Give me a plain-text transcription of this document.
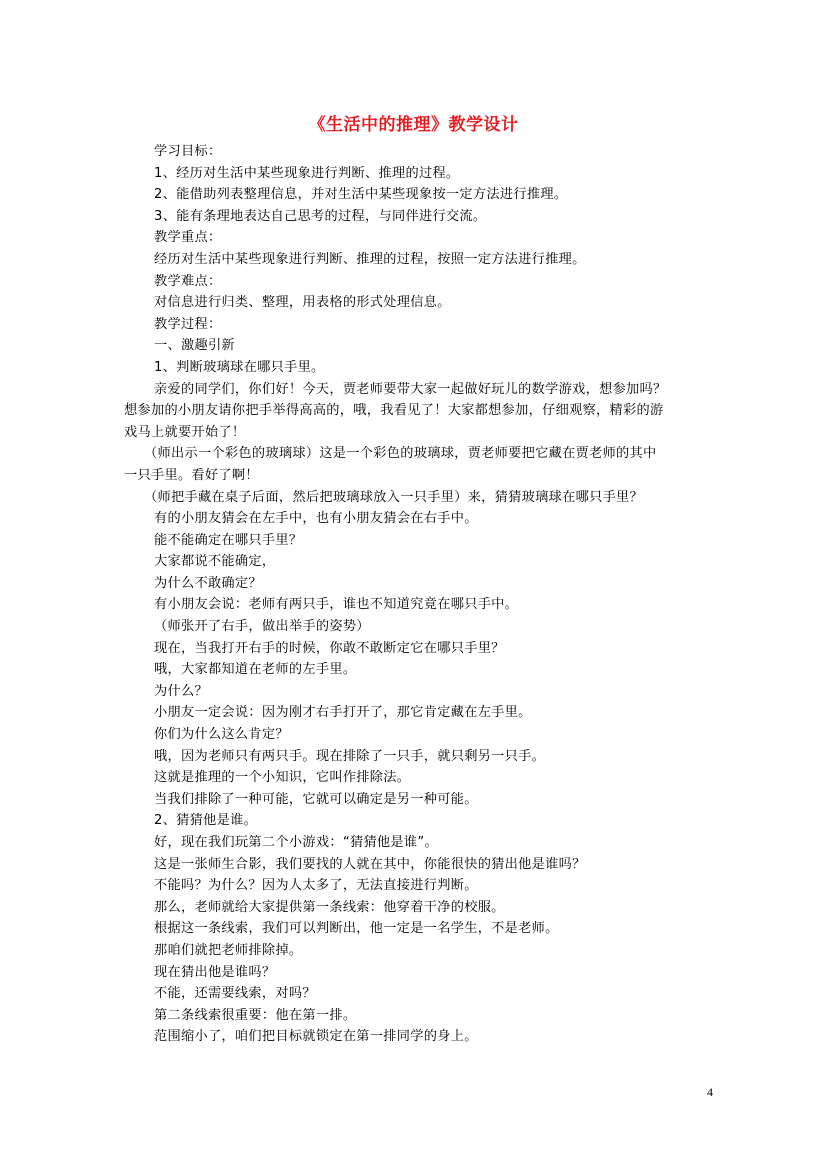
《生活中的推理》教学设计
学习目标：
1、经历对生活中某些现象进行判断、推理的过程。
2、能借助列表整理信息，并对生活中某些现象按一定方法进行推理。
3、能有条理地表达自己思考的过程，与同伴进行交流。
教学重点：
经历对生活中某些现象进行判断、推理的过程，按照一定方法进行推理。
教学难点：
对信息进行归类、整理，用表格的形式处理信息。
教学过程：
一、激趣引新
1、判断玻璃球在哪只手里。
亲爱的同学们，你们好！今天，贾老师要带大家一起做好玩儿的数学游戏，想参加吗？
想参加的小朋友请你把手举得高高的，哦，我看见了！大家都想参加，仔细观察，精彩的游
戏马上就要开始了！
（师出示一个彩色的玻璃球）这是一个彩色的玻璃球，贾老师要把它藏在贾老师的其中
一只手里。看好了啊！
（师把手藏在桌子后面，然后把玻璃球放入一只手里）来，猜猜玻璃球在哪只手里？
有的小朋友猜会在左手中，也有小朋友猜会在右手中。
能不能确定在哪只手里？
大家都说不能确定，
为什么不敢确定？
有小朋友会说：老师有两只手，谁也不知道究竟在哪只手中。
（师张开了右手，做出举手的姿势）
现在，当我打开右手的时候，你敢不敢断定它在哪只手里？
哦，大家都知道在老师的左手里。
为什么？
小朋友一定会说：因为刚才右手打开了，那它肯定藏在左手里。
你们为什么这么肯定？
哦，因为老师只有两只手。现在排除了一只手，就只剩另一只手。
这就是推理的一个小知识，它叫作排除法。
当我们排除了一种可能，它就可以确定是另一种可能。
2、猜猜他是谁。
好，现在我们玩第二个小游戏：“猜猜他是谁”。
这是一张师生合影，我们要找的人就在其中，你能很快的猜出他是谁吗？
不能吗？为什么？因为人太多了，无法直接进行判断。
那么，老师就给大家提供第一条线索：他穿着干净的校服。
根据这一条线索，我们可以判断出，他一定是一名学生，不是老师。
那咱们就把老师排除掉。
现在猜出他是谁吗？
不能，还需要线索，对吗？
第二条线索很重要：他在第一排。
范围缩小了，咱们把目标就锁定在第一排同学的身上。
4
